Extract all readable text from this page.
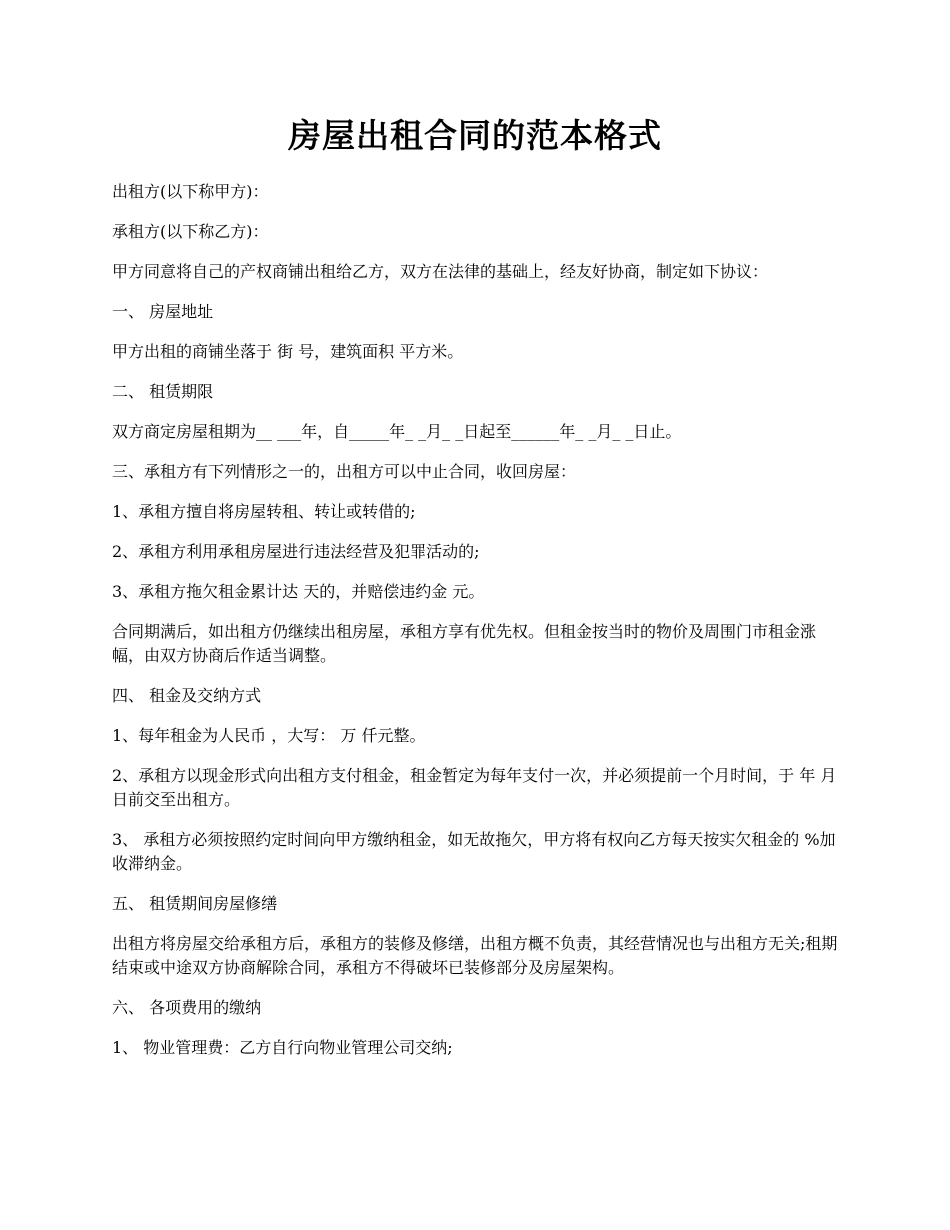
房屋出租合同的范本格式

出租方(以下称甲方)：

承租方(以下称乙方)：

甲方同意将自己的产权商铺出租给乙方，双方在法律的基础上，经友好协商，制定如下协议：

一、 房屋地址

甲方出租的商铺坐落于 街 号，建筑面积 平方米。

二、 租赁期限

双方商定房屋租期为__ ___年，自_____年_ _月_ _日起至______年_ _月_ _日止。

三、承租方有下列情形之一的，出租方可以中止合同，收回房屋：

1、承租方擅自将房屋转租、转让或转借的;

2、承租方利用承租房屋进行违法经营及犯罪活动的;

3、承租方拖欠租金累计达 天的，并赔偿违约金 元。

合同期满后，如出租方仍继续出租房屋，承租方享有优先权。但租金按当时的物价及周围门市租金涨幅，由双方协商后作适当调整。

四、 租金及交纳方式

1、每年租金为人民币 ，大写： 万 仟元整。

2、承租方以现金形式向出租方支付租金，租金暂定为每年支付一次，并必须提前一个月时间，于 年 月 日前交至出租方。

3、 承租方必须按照约定时间向甲方缴纳租金，如无故拖欠，甲方将有权向乙方每天按实欠租金的 %加收滞纳金。

五、 租赁期间房屋修缮

出租方将房屋交给承租方后，承租方的装修及修缮，出租方概不负责，其经营情况也与出租方无关;租期结束或中途双方协商解除合同，承租方不得破坏已装修部分及房屋架构。

六、 各项费用的缴纳

1、 物业管理费：乙方自行向物业管理公司交纳;
